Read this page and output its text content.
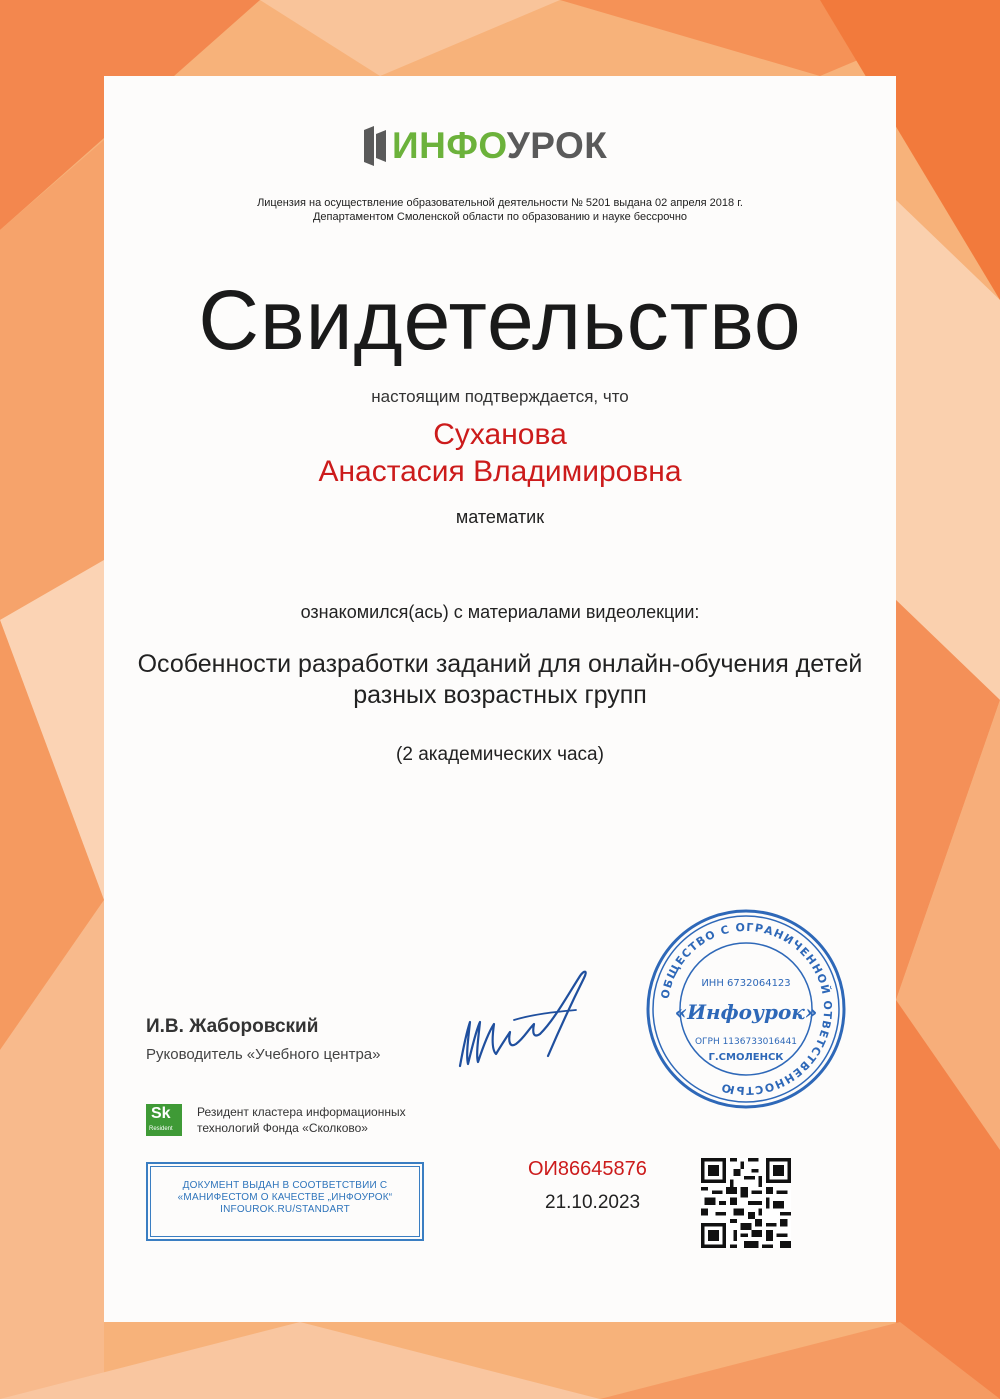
ИНФОУРОК
Лицензия на осуществление образовательной деятельности № 5201 выдана 02 апреля 2018 г.
Департаментом Смоленской области по образованию и науке бессрочно
Свидетельство
настоящим подтверждается, что
Суханова
Анастасия Владимировна
математик
ознакомился(ась) с материалами видеолекции:
Особенности разработки заданий для онлайн-обучения детей
разных возрастных групп
(2 академических часа)
И.В. Жаборовский
Руководитель «Учебного центра»
ОБЩЕСТВО С ОГРАНИЧЕННОЙ ОТВЕТСТВЕННОСТЬЮ
ИНН 6732064123
«Инфоурок»
ОГРН 1136733016441
Г.СМОЛЕНСК
Sk
Resident
Резидент кластера информационных
технологий Фонда «Сколково»
ДОКУМЕНТ ВЫДАН В СООТВЕТСТВИИ С
«МАНИФЕСТОМ О КАЧЕСТВЕ „ИНФОУРОК“
INFOUROK.RU/STANDART
ОИ86645876
21.10.2023
